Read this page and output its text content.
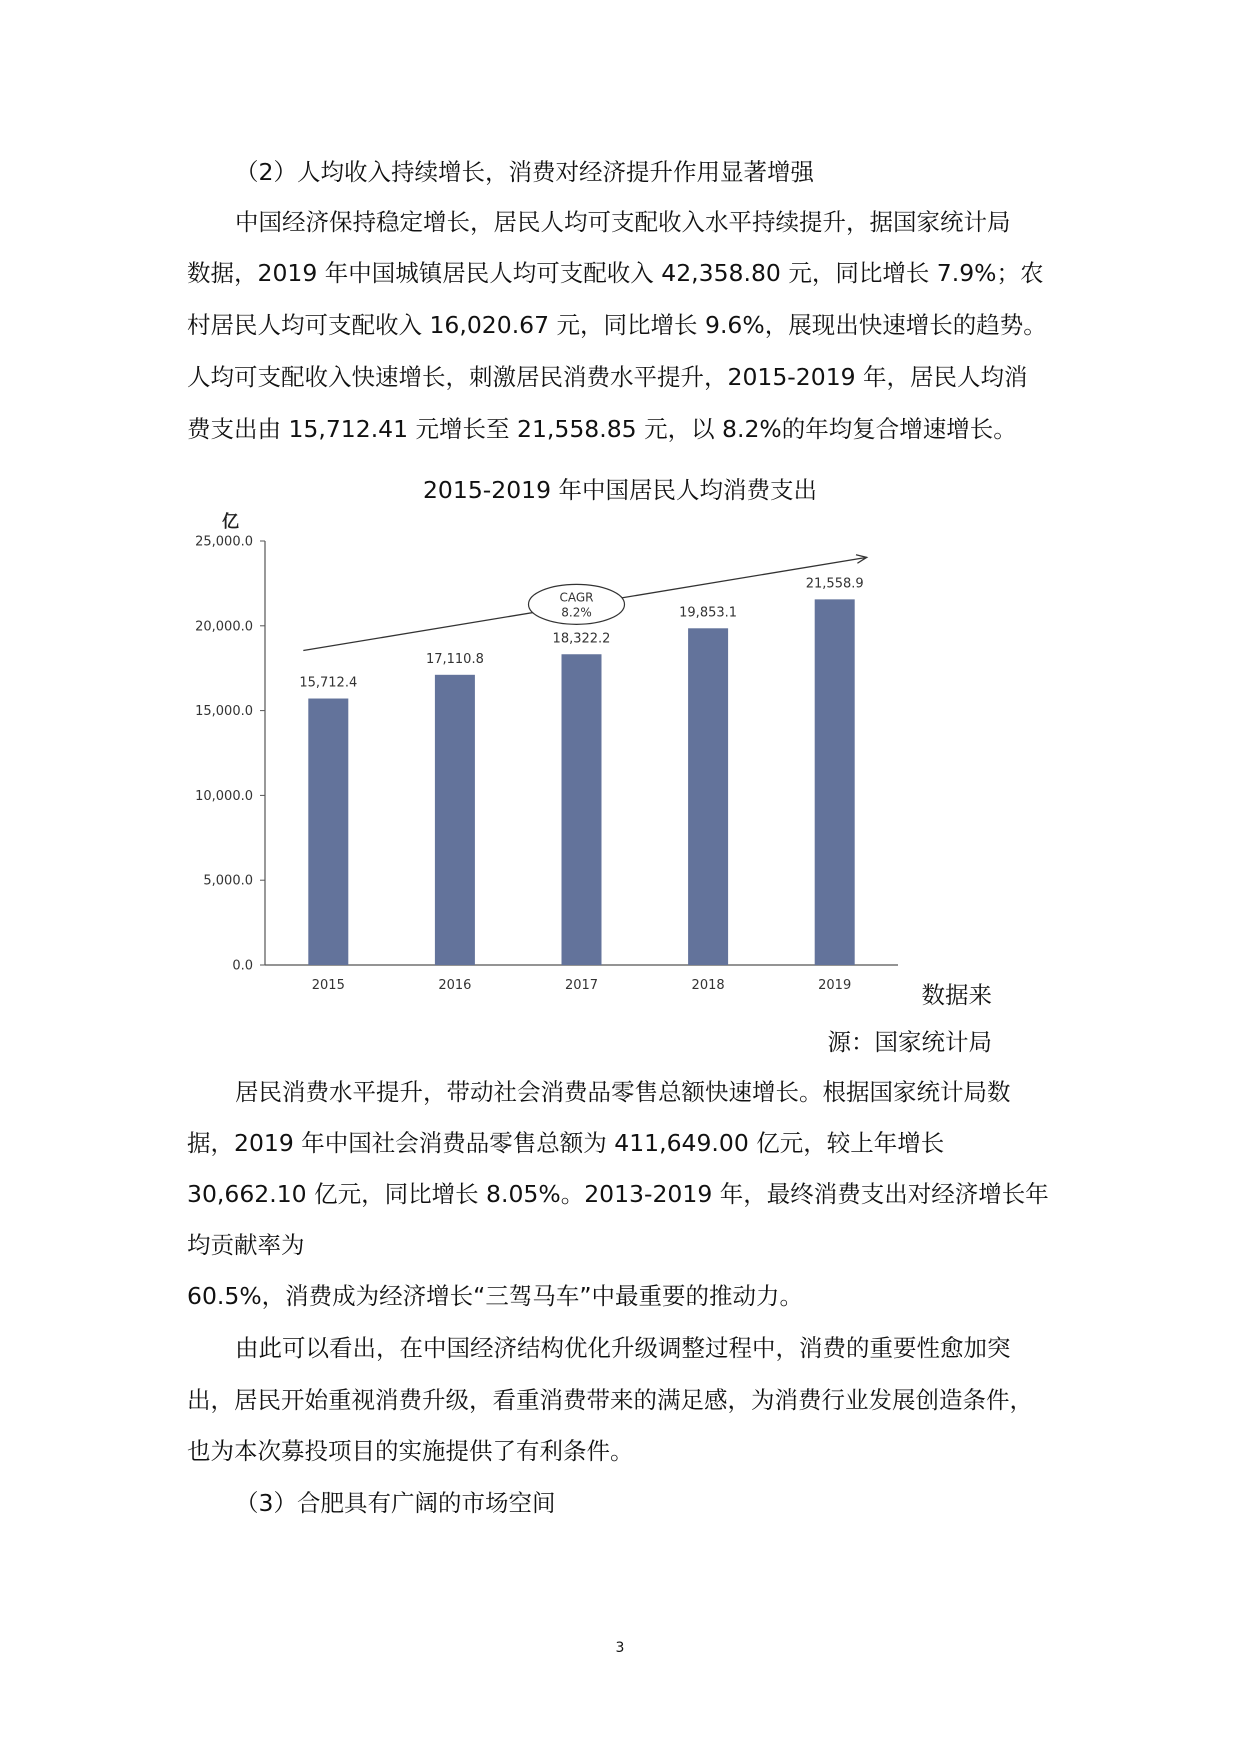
（2）人均收入持续增长，消费对经济提升作用显著增强
中国经济保持稳定增长，居民人均可支配收入水平持续提升，据国家统计局
数据，2019 年中国城镇居民人均可支配收入 42,358.80 元，同比增长 7.9%；农
村居民人均可支配收入 16,020.67 元，同比增长 9.6%，展现出快速增长的趋势。
人均可支配收入快速增长，刺激居民消费水平提升，2015-2019 年，居民人均消
费支出由 15,712.41 元增长至 21,558.85 元，以 8.2%的年均复合增速增长。
2015-2019 年中国居民人均消费支出
亿
0.0
5,000.0
10,000.0
15,000.0
20,000.0
25,000.0
2015	2016	2017	2018	2019
15,712.4
17,110.8
18,322.2
19,853.1
21,558.9
CAGR
8.2%
数据来
源：国家统计局
居民消费水平提升，带动社会消费品零售总额快速增长。根据国家统计局数
据，2019 年中国社会消费品零售总额为 411,649.00 亿元，较上年增长
30,662.10 亿元，同比增长 8.05%。2013-2019 年，最终消费支出对经济增长年
均贡献率为
60.5%，消费成为经济增长“三驾马车”中最重要的推动力。
由此可以看出，在中国经济结构优化升级调整过程中，消费的重要性愈加突
出，居民开始重视消费升级，看重消费带来的满足感，为消费行业发展创造条件，
也为本次募投项目的实施提供了有利条件。
（3）合肥具有广阔的市场空间
3
